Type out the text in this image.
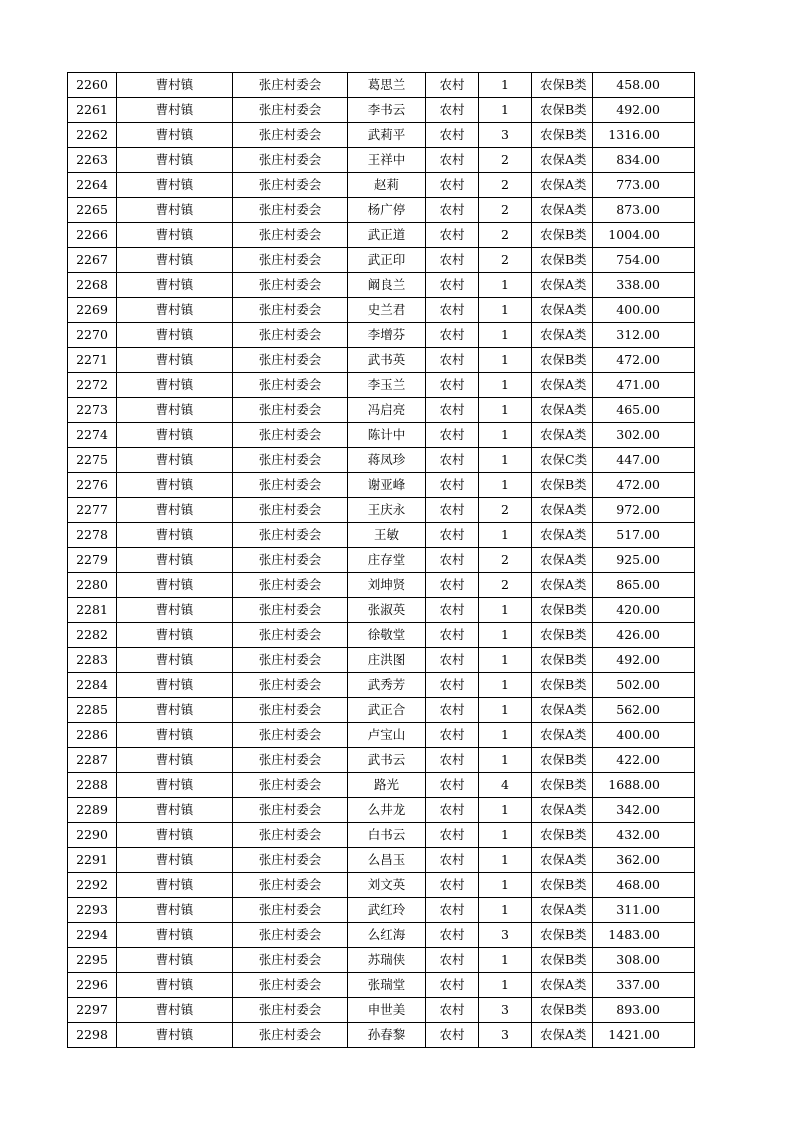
2260	曹村镇	张庄村委会	葛思兰	农村	1	农保B类	458.00
2261	曹村镇	张庄村委会	李书云	农村	1	农保B类	492.00
2262	曹村镇	张庄村委会	武莉平	农村	3	农保B类	1316.00
2263	曹村镇	张庄村委会	王祥中	农村	2	农保A类	834.00
2264	曹村镇	张庄村委会	赵莉	农村	2	农保A类	773.00
2265	曹村镇	张庄村委会	杨广停	农村	2	农保A类	873.00
2266	曹村镇	张庄村委会	武正道	农村	2	农保B类	1004.00
2267	曹村镇	张庄村委会	武正印	农村	2	农保B类	754.00
2268	曹村镇	张庄村委会	阚良兰	农村	1	农保A类	338.00
2269	曹村镇	张庄村委会	史兰君	农村	1	农保A类	400.00
2270	曹村镇	张庄村委会	李增芬	农村	1	农保A类	312.00
2271	曹村镇	张庄村委会	武书英	农村	1	农保B类	472.00
2272	曹村镇	张庄村委会	李玉兰	农村	1	农保A类	471.00
2273	曹村镇	张庄村委会	冯启亮	农村	1	农保A类	465.00
2274	曹村镇	张庄村委会	陈计中	农村	1	农保A类	302.00
2275	曹村镇	张庄村委会	蒋凤珍	农村	1	农保C类	447.00
2276	曹村镇	张庄村委会	谢亚峰	农村	1	农保B类	472.00
2277	曹村镇	张庄村委会	王庆永	农村	2	农保A类	972.00
2278	曹村镇	张庄村委会	王敏	农村	1	农保A类	517.00
2279	曹村镇	张庄村委会	庄存堂	农村	2	农保A类	925.00
2280	曹村镇	张庄村委会	刘坤贤	农村	2	农保A类	865.00
2281	曹村镇	张庄村委会	张淑英	农村	1	农保B类	420.00
2282	曹村镇	张庄村委会	徐敬堂	农村	1	农保B类	426.00
2283	曹村镇	张庄村委会	庄洪图	农村	1	农保B类	492.00
2284	曹村镇	张庄村委会	武秀芳	农村	1	农保B类	502.00
2285	曹村镇	张庄村委会	武正合	农村	1	农保A类	562.00
2286	曹村镇	张庄村委会	卢宝山	农村	1	农保A类	400.00
2287	曹村镇	张庄村委会	武书云	农村	1	农保B类	422.00
2288	曹村镇	张庄村委会	路光	农村	4	农保B类	1688.00
2289	曹村镇	张庄村委会	么井龙	农村	1	农保A类	342.00
2290	曹村镇	张庄村委会	白书云	农村	1	农保B类	432.00
2291	曹村镇	张庄村委会	么昌玉	农村	1	农保A类	362.00
2292	曹村镇	张庄村委会	刘文英	农村	1	农保B类	468.00
2293	曹村镇	张庄村委会	武红玲	农村	1	农保A类	311.00
2294	曹村镇	张庄村委会	么红海	农村	3	农保B类	1483.00
2295	曹村镇	张庄村委会	苏瑞侠	农村	1	农保B类	308.00
2296	曹村镇	张庄村委会	张瑞堂	农村	1	农保A类	337.00
2297	曹村镇	张庄村委会	申世美	农村	3	农保B类	893.00
2298	曹村镇	张庄村委会	孙春黎	农村	3	农保A类	1421.00
